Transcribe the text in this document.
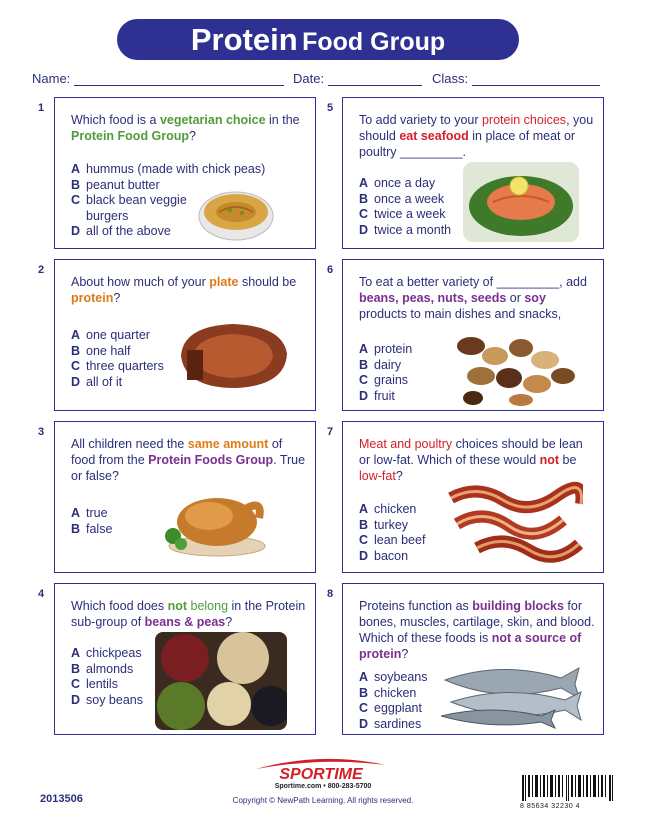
Protein Food Group
Name:	Date:	Class:
1	5
2	6
3	7
4	8
Which food is a vegetarian choice in the Protein Food Group?
A hummus (made with chick peas)
B peanut butter
C black bean veggie
burgers
D all of the above
To add variety to your protein choices, you should eat seafood in place of meat or poultry _________.
A once a day
B once a week
C twice a week
D twice a month
About how much of your plate should be protein?
A one quarter
B one half
C three quarters
D all of it
To eat a better variety of _________, add beans, peas, nuts, seeds or soy products to main dishes and snacks,
A protein
B dairy
C grains
D fruit
All children need the same amount of food from the Protein Foods Group. True or false?
A true
B false
Meat and poultry choices should be lean or low-fat. Which of these would not be low-fat?
A chicken
B turkey
C lean beef
D bacon
Which food does not belong in the Protein sub-group of beans & peas?
A chickpeas
B almonds
C lentils
D soy beans
Proteins function as building blocks for bones, muscles, cartilage, skin, and blood. Which of these foods is not a source of protein?
A soybeans
B chicken
C eggplant
D sardines
2013506
SPORTIME
Sportime.com • 800-283-5700
Copyright © NewPath Learning. All rights reserved.
8 85634 32230 4
